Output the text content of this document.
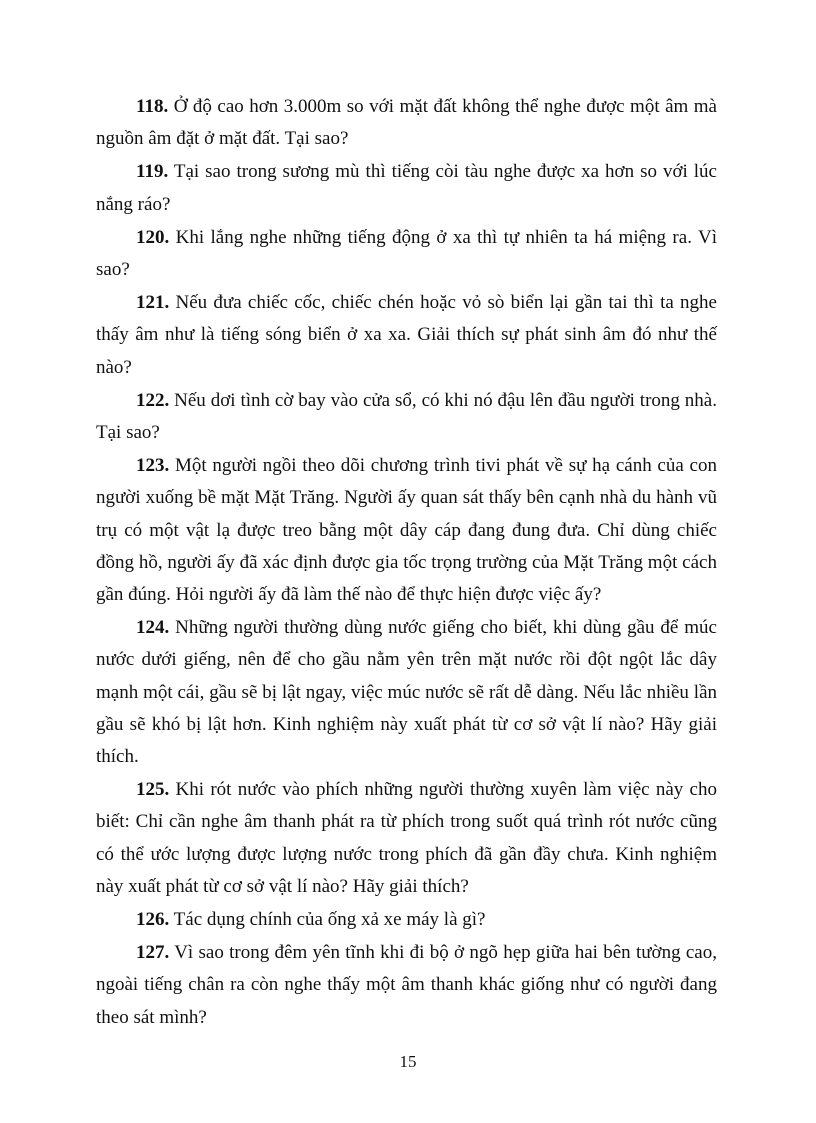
118. Ở độ cao hơn 3.000m so với mặt đất không thể nghe được một âm mà nguồn âm đặt ở mặt đất. Tại sao?

119. Tại sao trong sương mù thì tiếng còi tàu nghe được xa hơn so với lúc nắng ráo?

120. Khi lắng nghe những tiếng động ở xa thì tự nhiên ta há miệng ra. Vì sao?

121. Nếu đưa chiếc cốc, chiếc chén hoặc vỏ sò biển lại gần tai thì ta nghe thấy âm như là tiếng sóng biển ở xa xa. Giải thích sự phát sinh âm đó như thế nào?

122. Nếu dơi tình cờ bay vào cửa sổ, có khi nó đậu lên đầu người trong nhà. Tại sao?

123. Một người ngồi theo dõi chương trình tivi phát về sự hạ cánh của con người xuống bề mặt Mặt Trăng. Người ấy quan sát thấy bên cạnh nhà du hành vũ trụ có một vật lạ được treo bằng một dây cáp đang đung đưa. Chỉ dùng chiếc đồng hồ, người ấy đã xác định được gia tốc trọng trường của Mặt Trăng một cách gần đúng. Hỏi người ấy đã làm thế nào để thực hiện được việc ấy?

124. Những người thường dùng nước giếng cho biết, khi dùng gầu để múc nước dưới giếng, nên để cho gầu nằm yên trên mặt nước rồi đột ngột lắc dây mạnh một cái, gầu sẽ bị lật ngay, việc múc nước sẽ rất dễ dàng. Nếu lắc nhiều lần gầu sẽ khó bị lật hơn. Kinh nghiệm này xuất phát từ cơ sở vật lí nào? Hãy giải thích.

125. Khi rót nước vào phích những người thường xuyên làm việc này cho biết: Chỉ cần nghe âm thanh phát ra từ phích trong suốt quá trình rót nước cũng có thể ước lượng được lượng nước trong phích đã gần đầy chưa. Kinh nghiệm này xuất phát từ cơ sở vật lí nào? Hãy giải thích?

126. Tác dụng chính của ống xả xe máy là gì?

127. Vì sao trong đêm yên tĩnh khi đi bộ ở ngõ hẹp giữa hai bên tường cao, ngoài tiếng chân ra còn nghe thấy một âm thanh khác giống như có người đang theo sát mình?

15
